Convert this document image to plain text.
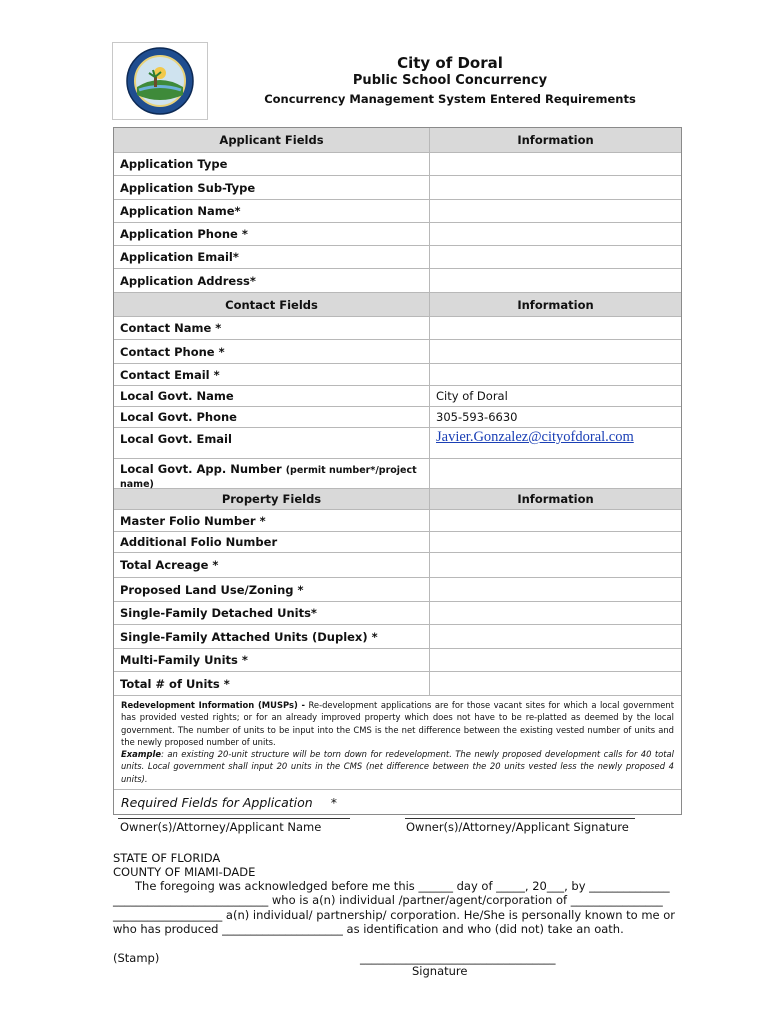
City of Doral
Public School Concurrency
Concurrency Management System Entered Requirements
Applicant Fields	Information
Application Type
Application Sub-Type
Application Name*
Application Phone *
Application Email*
Application Address*
Contact Fields	Information
Contact Name *
Contact Phone *
Contact Email *
Local Govt. Name	City of Doral
Local Govt. Phone	305-593-6630
Local Govt. Email	Javier.Gonzalez@cityofdoral.com
Local Govt. App. Number (permit number*/project name)
Property Fields	Information
Master Folio Number *
Additional Folio Number
Total Acreage *
Proposed Land Use/Zoning *
Single-Family Detached Units*
Single-Family Attached Units (Duplex) *
Multi-Family Units *
Total # of Units *
Redevelopment Information (MUSPs) - Re-development applications are for those vacant sites for which a local government has provided vested rights; or for an already improved property which does not have to be re-platted as deemed by the local government. The number of units to be input into the CMS is the net difference between the existing vested number of units and the newly proposed number of units.
Example: an existing 20-unit structure will be torn down for redevelopment. The newly proposed development calls for 40 total units. Local government shall input 20 units in the CMS (net difference between the 20 units vested less the newly proposed 4 units).
Required Fields for Application *
Owner(s)/Attorney/Applicant Name	Owner(s)/Attorney/Applicant Signature
STATE OF FLORIDA
COUNTY OF MIAMI-DADE
The foregoing was acknowledged before me this ______ day of _____, 20___, by ______________
___________________________ who is a(n) individual /partner/agent/corporation of ________________
___________________ a(n) individual/ partnership/ corporation. He/She is personally known to me or
who has produced _____________________ as identification and who (did not) take an oath.
(Stamp)	__________________________________
Signature
